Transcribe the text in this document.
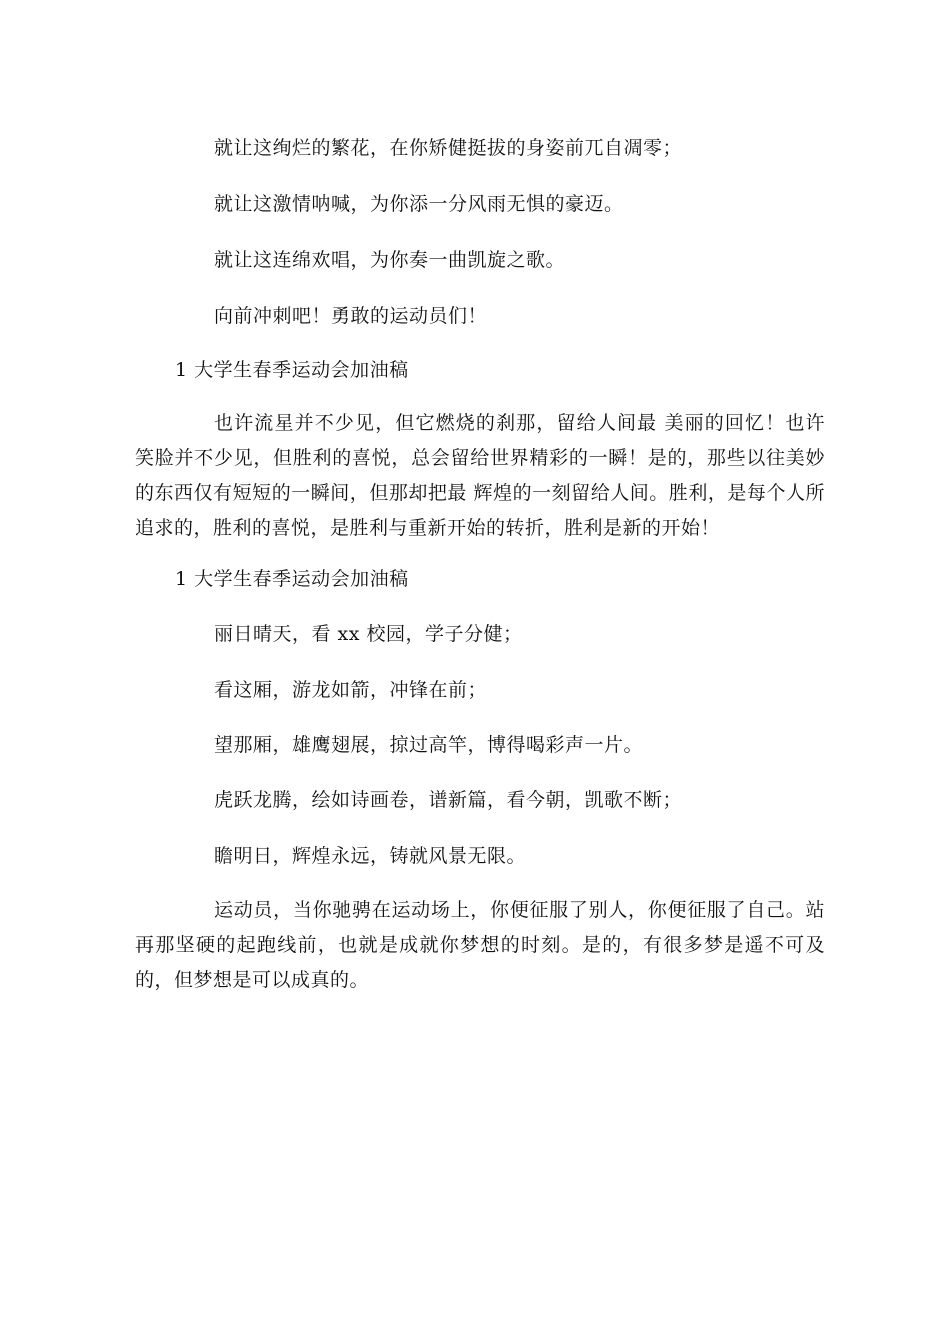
就让这绚烂的繁花，在你矫健挺拔的身姿前兀自凋零；
就让这激情呐喊，为你添一分风雨无惧的豪迈。
就让这连绵欢唱，为你奏一曲凯旋之歌。
向前冲刺吧！勇敢的运动员们！
1 大学生春季运动会加油稿
也许流星并不少见，但它燃烧的刹那，留给人间最 美丽的回忆！也许笑脸并不少见，但胜利的喜悦，总会留给世界精彩的一瞬！是的，那些以往美妙的东西仅有短短的一瞬间，但那却把最 辉煌的一刻留给人间。胜利，是每个人所追求的，胜利的喜悦，是胜利与重新开始的转折，胜利是新的开始！
1 大学生春季运动会加油稿
丽日晴天，看 xx 校园，学子分健；
看这厢，游龙如箭，冲锋在前；
望那厢，雄鹰翅展，掠过高竿，博得喝彩声一片。
虎跃龙腾，绘如诗画卷，谱新篇，看今朝，凯歌不断；
瞻明日，辉煌永远，铸就风景无限。
运动员，当你驰骋在运动场上，你便征服了别人，你便征服了自己。站再那坚硬的起跑线前，也就是成就你梦想的时刻。是的，有很多梦是遥不可及的，但梦想是可以成真的。
